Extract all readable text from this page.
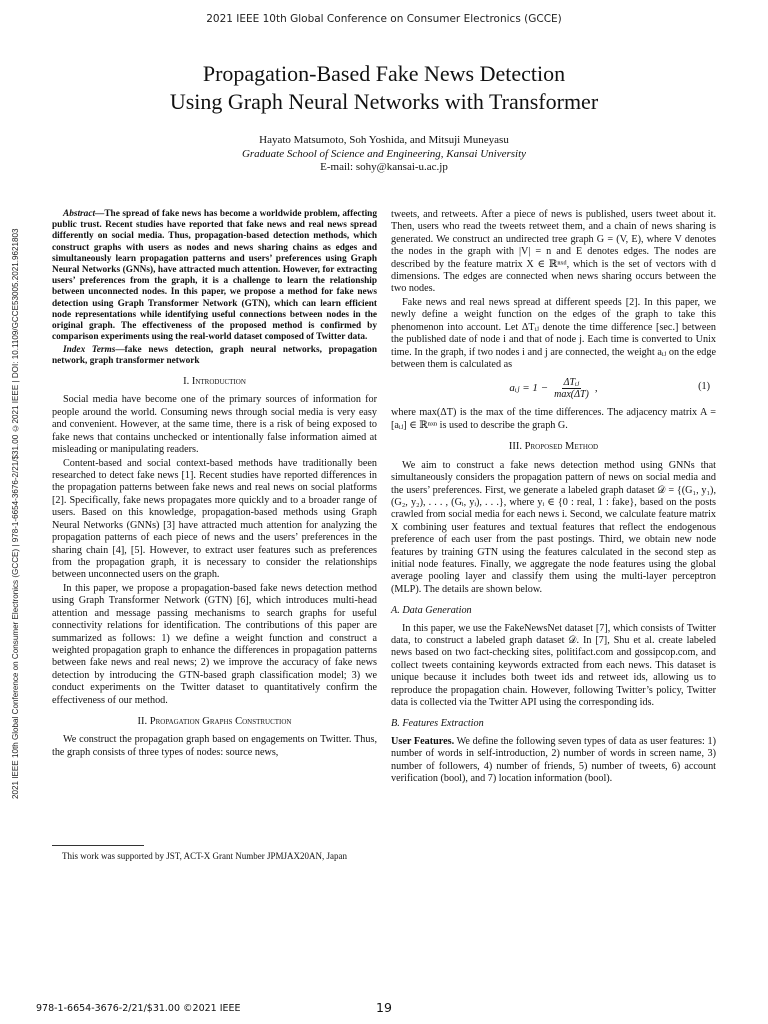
2021 IEEE 10th Global Conference on Consumer Electronics (GCCE)
Propagation-Based Fake News Detection
Using Graph Neural Networks with Transformer
Hayato Matsumoto, Soh Yoshida, and Mitsuji Muneyasu
Graduate School of Science and Engineering, Kansai University
E-mail: sohy@kansai-u.ac.jp
2021 IEEE 10th Global Conference on Consumer Electronics (GCCE) | 978-1-6654-3676-2/21/$31.00 ©2021 IEEE | DOI: 10.1109/GCCE53005.2021.9621803

Abstract—The spread of fake news has become a worldwide problem, affecting public trust. Recent studies have reported that fake news and real news spread differently on social media. Thus, propagation-based detection methods, which construct graphs with users as nodes and news sharing chains as edges and simultaneously learn propagation patterns and users’ preferences using Graph Neural Networks (GNNs), have attracted much attention. However, for extracting users’ preferences from the graph, it is a challenge to learn the relationship between unconnected nodes. In this paper, we propose a method for fake news detection using Graph Transformer Network (GTN), which can learn efficient node representations while identifying useful connections between nodes in the original graph. The effectiveness of the proposed method is confirmed by comparison experiments using the real-world dataset composed of Twitter data.

Index Terms—fake news detection, graph neural networks, propagation network, graph transformer network

I. Introduction

Social media have become one of the primary sources of information for people around the world. Consuming news through social media is very easy and convenient. However, at the same time, there is a risk of being exposed to fake news that contains unchecked or intentionally false information aimed at misleading or manipulating readers.

Content-based and social context-based methods have traditionally been researched to detect fake news [1]. Recent studies have reported differences in the propagation patterns between fake news and real news on social platforms [2]. Specifically, fake news propagates more quickly and to a broader range of users. Based on this knowledge, propagation-based methods using Graph Neural Networks (GNNs) [3] have attracted much attention for analyzing the propagation patterns of each piece of news and the users’ preferences in the sharing chain [4], [5]. However, to extract user features such as preferences from the propagation graph, it is necessary to consider the relationships between unconnected users on the graph.

In this paper, we propose a propagation-based fake news detection method using Graph Transformer Network (GTN) [6], which introduces multi-head attention and message passing mechanisms to search graphs for useful connectivity relations for identification. The contributions of this paper are summarized as follows: 1) we define a weight function and construct a weighted propagation graph to enhance the differences in propagation patterns between fake news and real news; 2) we improve the accuracy of fake news detection by introducing the GTN-based graph classification model; 3) we conduct experiments on the Twitter dataset to quantitatively confirm the effectiveness of our method.

II. Propagation Graphs Construction

We construct the propagation graph based on engagements on Twitter. Thus, the graph consists of three types of nodes: source news,

This work was supported by JST, ACT-X Grant Number JPMJAX20AN, Japan

tweets, and retweets. After a piece of news is published, users tweet about it. Then, users who read the tweets retweet them, and a chain of news sharing is generated. We construct an undirected tree graph G = (V, E), where V denotes the nodes in the graph with |V| = n and E denotes edges. The nodes are described by the feature matrix X ∈ ℝⁿˣᵈ, which is the set of vectors with d dimensions. The edges are connected when news sharing occurs between the two nodes.

Fake news and real news spread at different speeds [2]. In this paper, we newly define a weight function on the edges of the graph to take this phenomenon into account. Let ΔTᵢⱼ denote the time difference [sec.] between the published date of node i and that of node j. Each time is converted to Unix time. In the graph, if two nodes i and j are connected, the weight aᵢⱼ on the edge between them is calculated as

aᵢⱼ = $1 - \frac{\text{ΔTᵢⱼ}}{\max(\Delta T)}$ ,	(1)

where max(ΔT) is the max of the time differences. The adjacency matrix A = [aᵢⱼ] ∈ ℝⁿˣⁿ is used to describe the graph G.

III. Proposed Method

We aim to construct a fake news detection method using GNNs that simultaneously considers the propagation pattern of news on social media and the users’ preferences. First, we generate a labeled graph dataset 𝒟 = {(G₁, y₁), (G₂, y₂), . . . , (Gᵢ, yᵢ), . . .}, where yᵢ ∈ {0 : real, 1 : fake}, based on the posts crawled from social media for each news i. Second, we calculate feature matrix X combining user features and textual features that reflect the endogenous preference of each user from the past postings. Third, we obtain new node features by training GTN using the features calculated in the second step as initial node features. Finally, we aggregate the node features using the global average pooling layer and classify them using the multi-layer perceptron (MLP). The details are shown below.

A. Data Generation

In this paper, we use the FakeNewsNet dataset [7], which consists of Twitter data, to construct a labeled graph dataset 𝒟. In [7], Shu et al. create labeled news based on two fact-checking sites, politifact.com and gossipcop.com, and collect tweets containing keywords extracted from each news. This dataset is unique because it includes both tweet ids and retweet ids, allowing us to reproduce the propagation chain. However, following Twitter’s policy, Twitter data is collected via the Twitter API using the corresponding ids.

B. Features Extraction

User Features. We define the following seven types of data as user features: 1) number of words in self-introduction, 2) number of words in screen name, 3) number of followers, 4) number of friends, 5) number of tweets, 6) account verification (bool), and 7) location information (bool).

978-1-6654-3676-2/21/$31.00 ©2021 IEEE	19
